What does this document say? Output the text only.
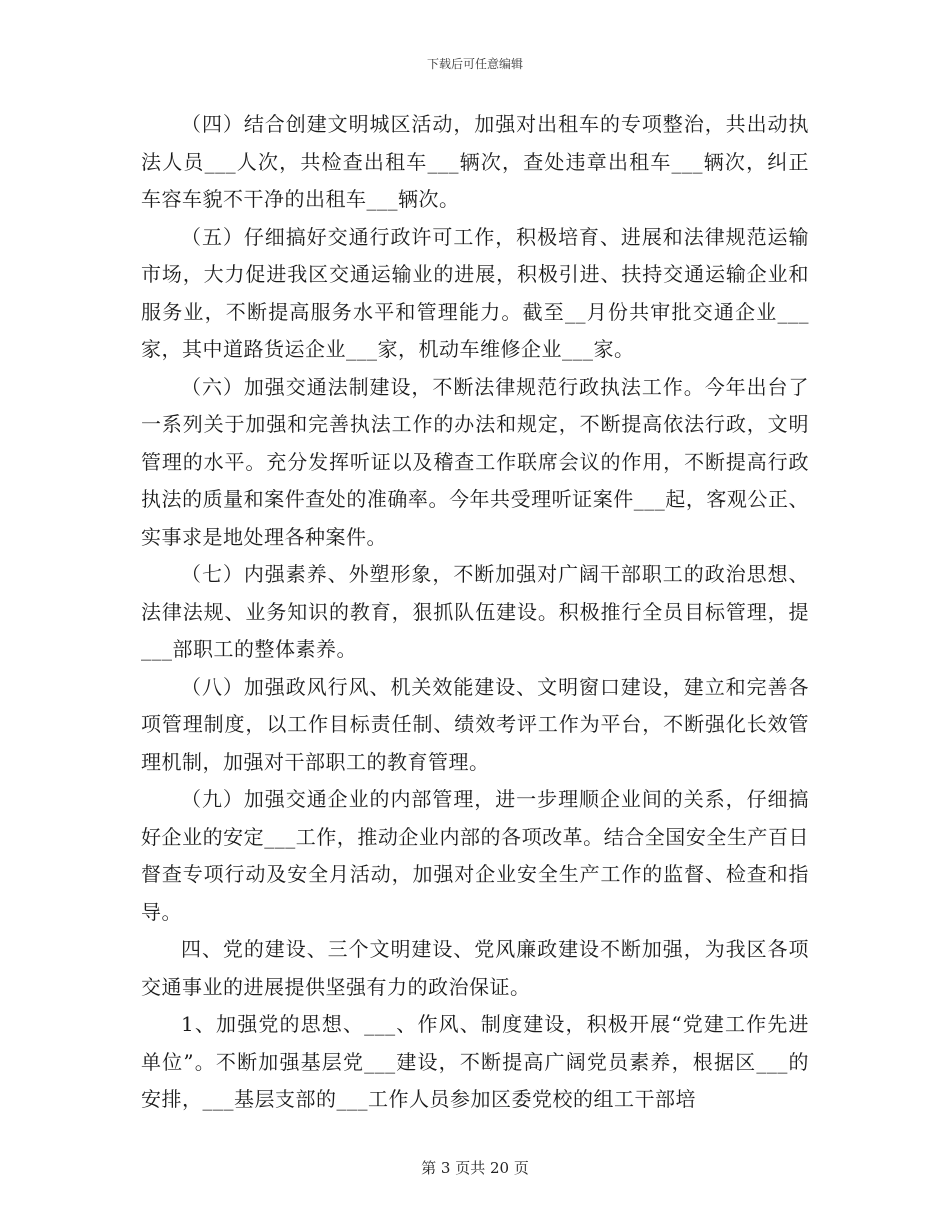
下载后可任意编辑

（四）结合创建文明城区活动，加强对出租车的专项整治，共出动执法人员___人次，共检查出租车___辆次，查处违章出租车___辆次，纠正车容车貌不干净的出租车___辆次。

（五）仔细搞好交通行政许可工作，积极培育、进展和法律规范运输市场，大力促进我区交通运输业的进展，积极引进、扶持交通运输企业和服务业，不断提高服务水平和管理能力。截至__月份共审批交通企业___家，其中道路货运企业___家，机动车维修企业___家。

（六）加强交通法制建设，不断法律规范行政执法工作。今年出台了一系列关于加强和完善执法工作的办法和规定，不断提高依法行政，文明管理的水平。充分发挥听证以及稽查工作联席会议的作用，不断提高行政执法的质量和案件查处的准确率。今年共受理听证案件___起，客观公正、实事求是地处理各种案件。

（七）内强素养、外塑形象，不断加强对广阔干部职工的政治思想、法律法规、业务知识的教育，狠抓队伍建设。积极推行全员目标管理，提___部职工的整体素养。

（八）加强政风行风、机关效能建设、文明窗口建设，建立和完善各项管理制度，以工作目标责任制、绩效考评工作为平台，不断强化长效管理机制，加强对干部职工的教育管理。

（九）加强交通企业的内部管理，进一步理顺企业间的关系，仔细搞好企业的安定___工作，推动企业内部的各项改革。结合全国安全生产百日督查专项行动及安全月活动，加强对企业安全生产工作的监督、检查和指导。

四、党的建设、三个文明建设、党风廉政建设不断加强，为我区各项交通事业的进展提供坚强有力的政治保证。

1、加强党的思想、___、作风、制度建设，积极开展“党建工作先进单位”。不断加强基层党___建设，不断提高广阔党员素养，根据区___的安排，___基层支部的___工作人员参加区委党校的组工干部培

第 3 页共 20 页
